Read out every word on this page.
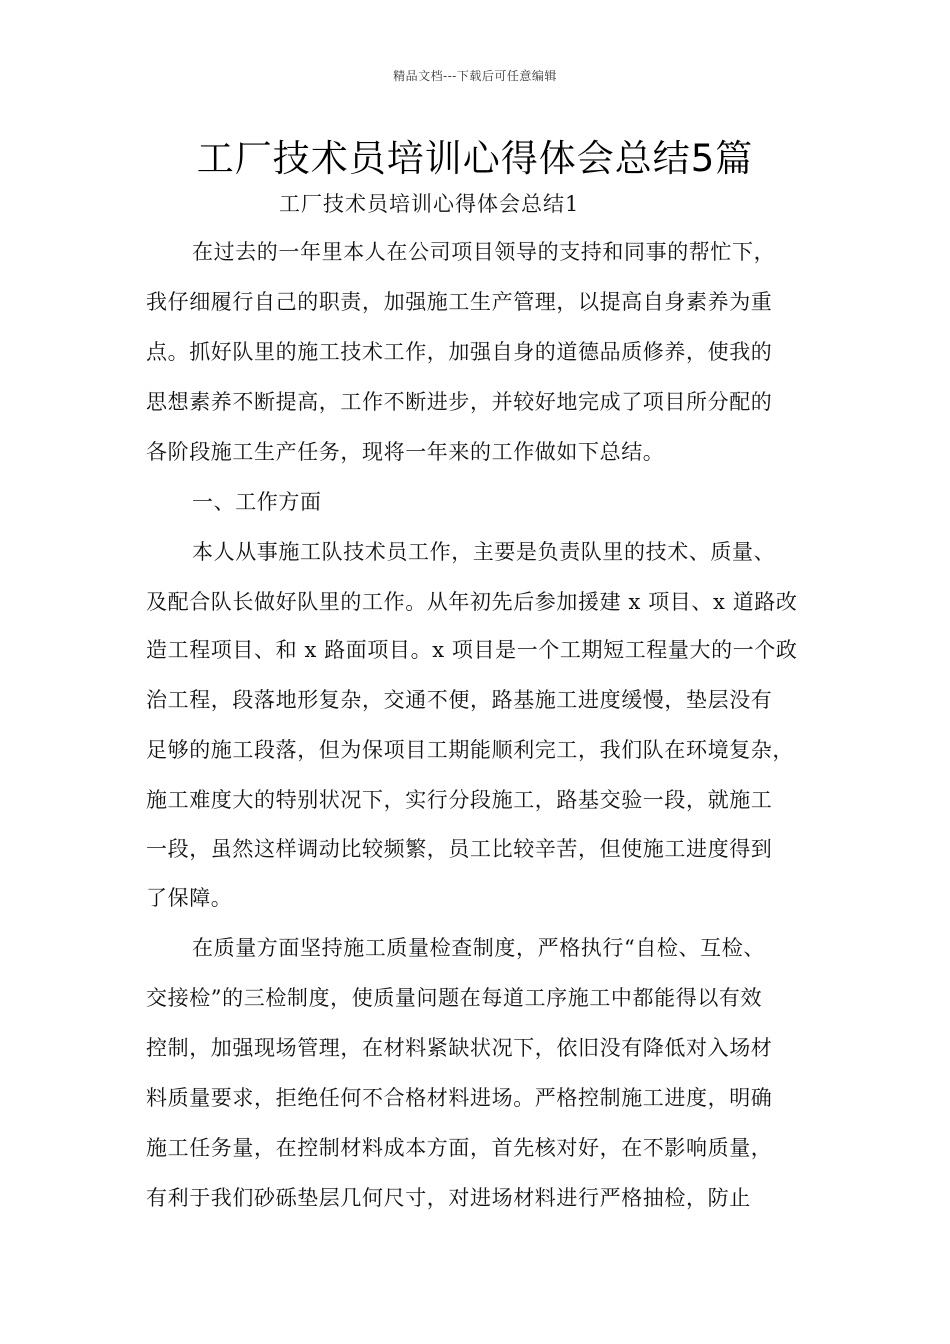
精品文档---下载后可任意编辑
工厂技术员培训心得体会总结5篇
工厂技术员培训心得体会总结1
在过去的一年里本人在公司项目领导的支持和同事的帮忙下，
我仔细履行自己的职责，加强施工生产管理，以提高自身素养为重
点。抓好队里的施工技术工作，加强自身的道德品质修养，使我的
思想素养不断提高，工作不断进步，并较好地完成了项目所分配的
各阶段施工生产任务，现将一年来的工作做如下总结。
一、工作方面
本人从事施工队技术员工作，主要是负责队里的技术、质量、
及配合队长做好队里的工作。从年初先后参加援建 x 项目、x 道路改
造工程项目、和 x 路面项目。x 项目是一个工期短工程量大的一个政
治工程，段落地形复杂，交通不便，路基施工进度缓慢，垫层没有
足够的施工段落，但为保项目工期能顺利完工，我们队在环境复杂，
施工难度大的特别状况下，实行分段施工，路基交验一段，就施工
一段，虽然这样调动比较频繁，员工比较辛苦，但使施工进度得到
了保障。
在质量方面坚持施工质量检查制度，严格执行“自检、互检、
交接检”的三检制度，使质量问题在每道工序施工中都能得以有效
控制，加强现场管理，在材料紧缺状况下，依旧没有降低对入场材
料质量要求，拒绝任何不合格材料进场。严格控制施工进度，明确
施工任务量，在控制材料成本方面，首先核对好，在不影响质量，
有利于我们砂砾垫层几何尺寸，对进场材料进行严格抽检，防止
